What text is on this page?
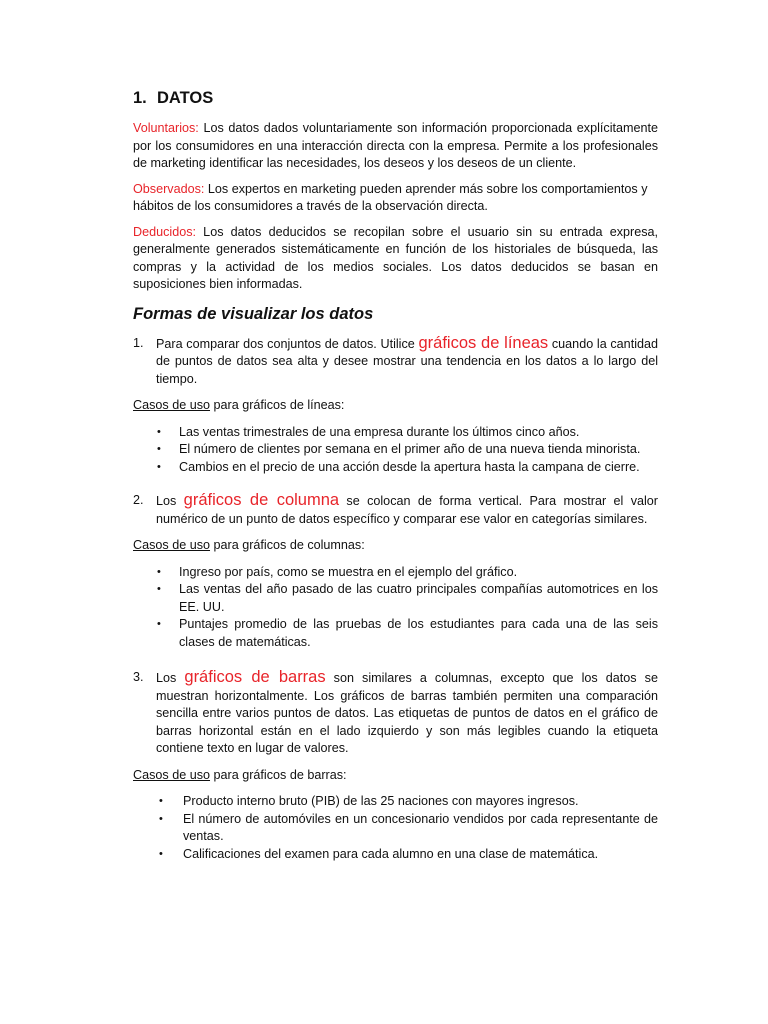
1. DATOS

Voluntarios: Los datos dados voluntariamente son información proporcionada explícitamente por los consumidores en una interacción directa con la empresa. Permite a los profesionales de marketing identificar las necesidades, los deseos y los deseos de un cliente.

Observados: Los expertos en marketing pueden aprender más sobre los comportamientos y hábitos de los consumidores a través de la observación directa.

Deducidos: Los datos deducidos se recopilan sobre el usuario sin su entrada expresa, generalmente generados sistemáticamente en función de los historiales de búsqueda, las compras y la actividad de los medios sociales. Los datos deducidos se basan en suposiciones bien informadas.

Formas de visualizar los datos
1. Para comparar dos conjuntos de datos. Utilice gráficos de líneas cuando la cantidad de puntos de datos sea alta y desee mostrar una tendencia en los datos a lo largo del tiempo.
Casos de uso para gráficos de líneas:
• Las ventas trimestrales de una empresa durante los últimos cinco años.
• El número de clientes por semana en el primer año de una nueva tienda minorista.
• Cambios en el precio de una acción desde la apertura hasta la campana de cierre.
2. Los gráficos de columna se colocan de forma vertical. Para mostrar el valor numérico de un punto de datos específico y comparar ese valor en categorías similares.
Casos de uso para gráficos de columnas:
• Ingreso por país, como se muestra en el ejemplo del gráfico.
• Las ventas del año pasado de las cuatro principales compañías automotrices en los EE. UU.
• Puntajes promedio de las pruebas de los estudiantes para cada una de las seis clases de matemáticas.
3. Los gráficos de barras son similares a columnas, excepto que los datos se muestran horizontalmente. Los gráficos de barras también permiten una comparación sencilla entre varios puntos de datos. Las etiquetas de puntos de datos en el gráfico de barras horizontal están en el lado izquierdo y son más legibles cuando la etiqueta contiene texto en lugar de valores.
Casos de uso para gráficos de barras:
• Producto interno bruto (PIB) de las 25 naciones con mayores ingresos.
• El número de automóviles en un concesionario vendidos por cada representante de ventas.
• Calificaciones del examen para cada alumno en una clase de matemática.
